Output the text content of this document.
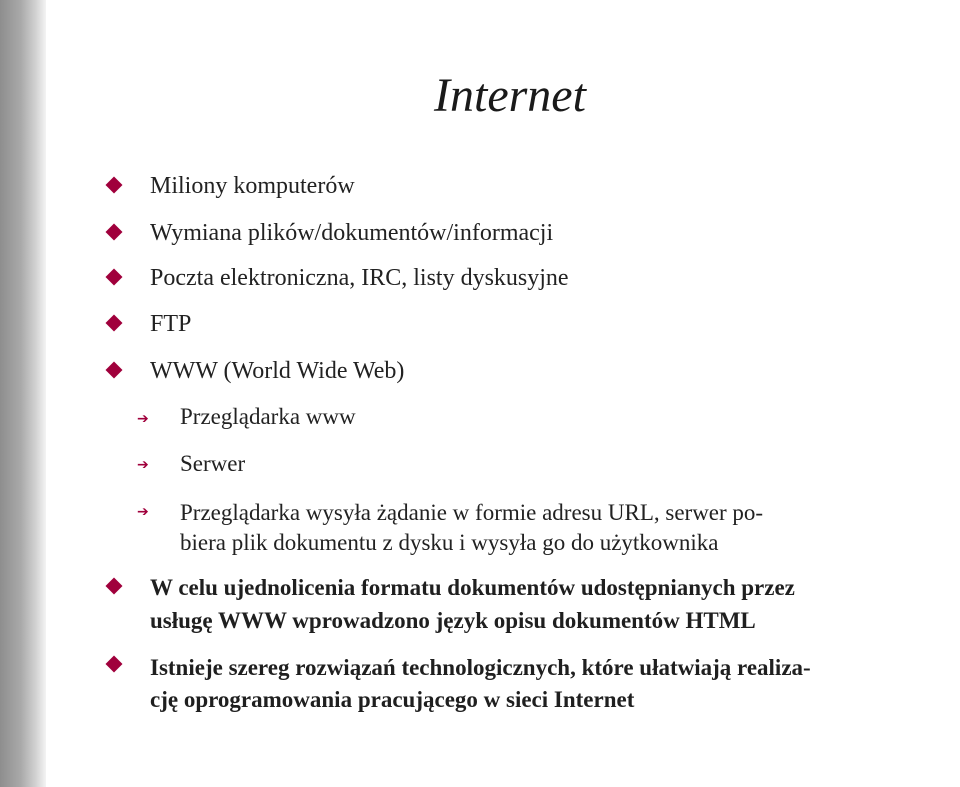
Internet

Miliony komputerów

Wymiana plików/dokumentów/informacji

Poczta elektroniczna, IRC, listy dyskusyjne

FTP

WWW (World Wide Web)

➔ Przeglądarka www

➔ Serwer

➔ Przeglądarka wysyła żądanie w formie adresu URL, serwer po-

biera plik dokumentu z dysku i wysyła go do użytkownika

W celu ujednolicenia formatu dokumentów udostępnianych przez

usługę WWW wprowadzono język opisu dokumentów HTML

Istnieje szereg rozwiązań technologicznych, które ułatwiają realiza-

cję oprogramowania pracującego w sieci Internet
